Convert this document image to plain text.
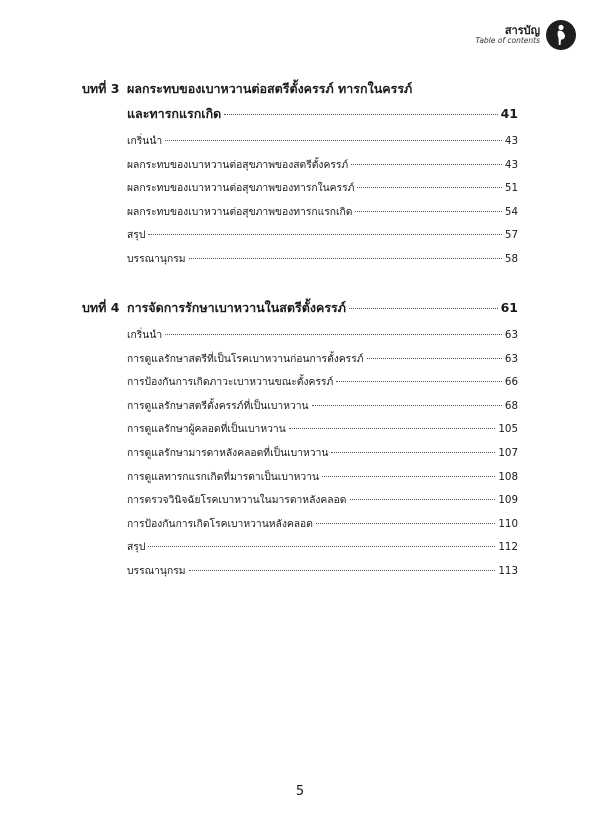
สารบัญ
Table of contents
บทที่ 3 ผลกระทบของเบาหวานต่อสตรีตั้งครรภ์ ทารกในครรภ์
และทารกแรกเกิด	41
เกริ่นนำ	43
ผลกระทบของเบาหวานต่อสุขภาพของสตรีตั้งครรภ์	43
ผลกระทบของเบาหวานต่อสุขภาพของทารกในครรภ์	51
ผลกระทบของเบาหวานต่อสุขภาพของทารกแรกเกิด	54
สรุป	57
บรรณานุกรม	58
บทที่ 4 การจัดการรักษาเบาหวานในสตรีตั้งครรภ์	61
เกริ่นนำ	63
การดูแลรักษาสตรีที่เป็นโรคเบาหวานก่อนการตั้งครรภ์	63
การป้องกันการเกิดภาวะเบาหวานขณะตั้งครรภ์	66
การดูแลรักษาสตรีตั้งครรภ์ที่เป็นเบาหวาน	68
การดูแลรักษาผู้คลอดที่เป็นเบาหวาน	105
การดูแลรักษามารดาหลังคลอดที่เป็นเบาหวาน	107
การดูแลทารกแรกเกิดที่มารดาเป็นเบาหวาน	108
การตรวจวินิจฉัยโรคเบาหวานในมารดาหลังคลอด	109
การป้องกันการเกิดโรคเบาหวานหลังคลอด	110
สรุป	112
บรรณานุกรม	113
5
